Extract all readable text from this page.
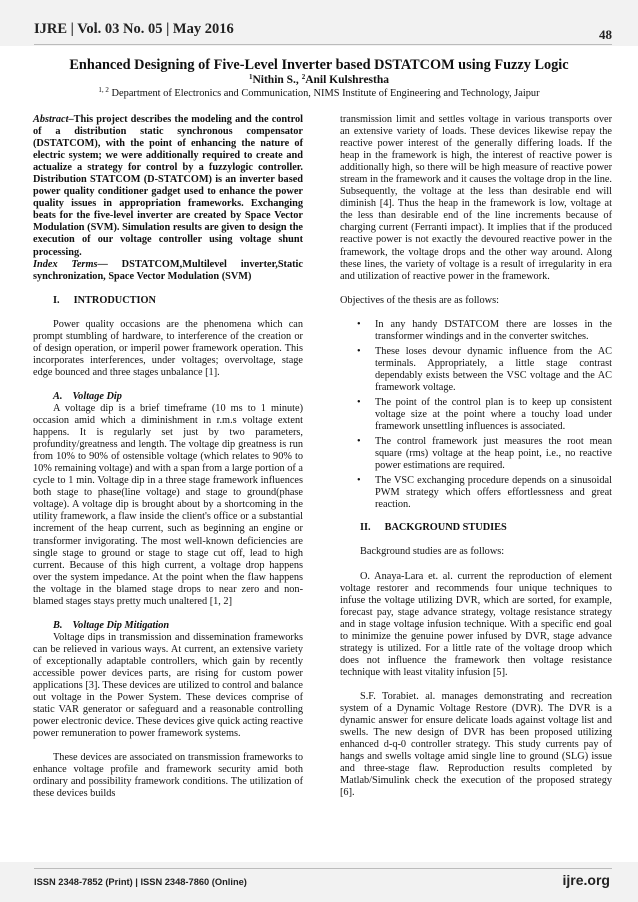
IJRE | Vol. 03 No. 05 | May 2016	48
Enhanced Designing of Five-Level Inverter based DSTATCOM using Fuzzy Logic
$^1$Nithin S., $^2$Anil Kulshrestha
$^{1, 2}$ Department of Electronics and Communication, NIMS Institute of Engineering and Technology, Jaipur

Abstract–This project describes the modeling and the control of a distribution static synchronous compensator (DSTATCOM), with the point of enhancing the nature of electric system; we were additionally required to create and actualize a strategy for control by a fuzzylogic controller. Distribution STATCOM (D-STATCOM) is an inverter based power quality conditioner gadget used to enhance the power quality issues in appropriation frameworks. Exchanging beats for the five-level inverter are created by Space Vector Modulation (SVM). Simulation results are given to design the execution of our voltage controller using voltage shunt processing.

Index Terms— DSTATCOM,Multilevel inverter,Static synchronization, Space Vector Modulation (SVM)

I. INTRODUCTION

Power quality occasions are the phenomena which can prompt stumbling of hardware, to interference of the creation or of design operation, or imperil power framework operation. This incorporates interferences, under voltages; overvoltage, stage edge bounced and three stages unbalance [1].

A. Voltage Dip

A voltage dip is a brief timeframe (10 ms to 1 minute) occasion amid which a diminishment in r.m.s voltage extent happens. It is regularly set just by two parameters, profundity/greatness and length. The voltage dip greatness is run from 10% to 90% of ostensible voltage (which relates to 90% to 10% remaining voltage) and with a span from a large portion of a cycle to 1 min. Voltage dip in a three stage framework influences both stage to phase(line voltage) and stage to ground(phase voltage). A voltage dip is brought about by a shortcoming in the utility framework, a flaw inside the client's office or a substantial increment of the heap current, such as beginning an engine or transformer invigorating. The most well-known deficiencies are single stage to ground or stage to stage cut off, lead to high current. Because of this high current, a voltage drop happens over the system impedance. At the point when the flaw happens the voltage in the blamed stage drops to near zero and non-blamed stages stays pretty much unaltered [1, 2]

B. Voltage Dip Mitigation

Voltage dips in transmission and dissemination frameworks can be relieved in various ways. At current, an extensive variety of exceptionally adaptable controllers, which gain by recently accessible power devices parts, are rising for custom power applications [3]. These devices are utilized to control and balance out voltage in the Power System. These devices comprise of static VAR generator or safeguard and a reasonable controlling power electronic device. These devices give quick acting reactive power remuneration to power framework systems.

These devices are associated on transmission frameworks to enhance voltage profile and framework security amid both ordinary and possibility framework conditions. The utilization of these devices builds

transmission limit and settles voltage in various transports over an extensive variety of loads. These devices likewise repay the reactive power interest of the generally differing loads. If the heap in the framework is high, the interest of reactive power is additionally high, so there will be high measure of reactive power stream in the framework and it causes the voltage drop in the line. Subsequently, the voltage at the less than desirable end will diminish [4]. Thus the heap in the framework is low, voltage at the less than desirable end of the line increments because of charging current (Ferranti impact). It implies that if the produced reactive power is not exactly the devoured reactive power in the framework, the voltage drops and the other way around. Along these lines, the variety of voltage is a result of irregularity in era and utilization of reactive power in the framework.

Objectives of the thesis are as follows:

• In any handy DSTATCOM there are losses in the transformer windings and in the converter switches.
• These loses devour dynamic influence from the AC terminals. Appropriately, a little stage contrast dependably exists between the VSC voltage and the AC framework voltage.
• The point of the control plan is to keep up consistent voltage size at the point where a touchy load under framework unsettling influences is associated.
• The control framework just measures the root mean square (rms) voltage at the heap point, i.e., no reactive power estimations are required.
• The VSC exchanging procedure depends on a sinusoidal PWM strategy which offers effortlessness and great reaction.
II. BACKGROUND STUDIES

Background studies are as follows:

O. Anaya-Lara et. al. current the reproduction of element voltage restorer and recommends four unique techniques to infuse the voltage utilizing DVR, which are sorted, for example, forecast pay, stage advance strategy, voltage resistance strategy and in stage voltage infusion technique. With a specific end goal to minimize the genuine power infused by DVR, stage advance strategy is utilized. For a little rate of the voltage droop which does not influence the framework then voltage resistance technique with least vitality infusion [5].

S.F. Torabiet. al. manages demonstrating and recreation system of a Dynamic Voltage Restore (DVR). The DVR is a dynamic answer for ensure delicate loads against voltage list and swells. The new design of DVR has been proposed utilizing enhanced d-q-0 controller strategy. This study currents pay of hangs and swells voltage amid single line to ground (SLG) issue and three-stage flaw. Reproduction results completed by Matlab/Simulink check the execution of the proposed strategy [6].

ISSN 2348-7852 (Print) | ISSN 2348-7860 (Online)	ijre.org
